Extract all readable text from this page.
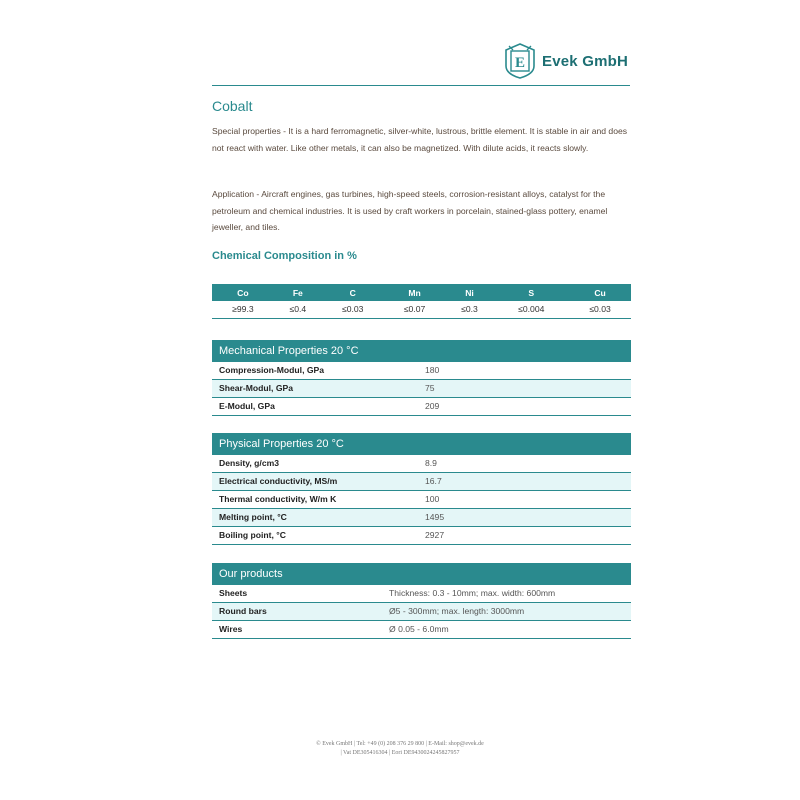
E Evek GmbH
Cobalt
Special properties - It is a hard ferromagnetic, silver-white, lustrous, brittle element. It is stable in air and does not react with water. Like other metals, it can also be magnetized. With dilute acids, it reacts slowly.
Application - Aircraft engines, gas turbines, high-speed steels, corrosion-resistant alloys, catalyst for the petroleum and chemical industries. It is used by craft workers in porcelain, stained-glass pottery, enamel jeweller, and tiles.
Chemical Composition in %
Co	Fe	C	Mn	Ni	S	Cu
≥99.3	≤0.4	≤0.03	≤0.07	≤0.3	≤0.004	≤0.03
Mechanical Properties 20 °C
Compression-Modul, GPa	180
Shear-Modul, GPa	75
E-Modul, GPa	209
Physical Properties 20 °C
Density, g/cm3	8.9
Electrical conductivity, MS/m	16.7
Thermal conductivity, W/m K	100
Melting point, °C	1495
Boiling point, °C	2927
Our products
Sheets	Thickness: 0.3 - 10mm; max. width: 600mm
Round bars	Ø5 - 300mm; max. length: 3000mm
Wires	Ø 0.05 - 6.0mm
© Evek GmbH | Tel: +49 (0) 208 376 29 800 | E-Mail: shop@evek.de
| Vat DE305416304 | Eori DE9430024245827957
